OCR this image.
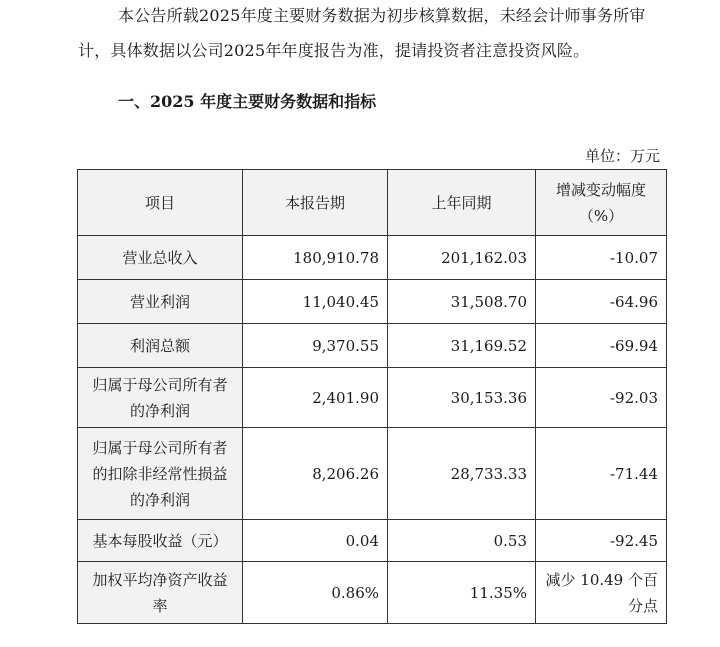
本公告所载2025年度主要财务数据为初步核算数据，未经会计师事务所审
计，具体数据以公司2025年年度报告为准，提请投资者注意投资风险。
一、2025 年度主要财务数据和指标
单位：万元
项目	本报告期	上年同期	增减变动幅度
（%）

营业总收入	180,910.78	201,162.03	-10.07
营业利润	11,040.45	31,508.70	-64.96
利润总额	9,370.55	31,169.52	-69.94
归属于母公司所有者的净利润	2,401.90	30,153.36	-92.03
归属于母公司所有者的扣除非经常性损益的净利润	8,206.26	28,733.33	-71.44
基本每股收益（元）	0.04	0.53	-92.45
加权平均净资产收益率	0.86%	11.35%	减少 10.49 个百分点
